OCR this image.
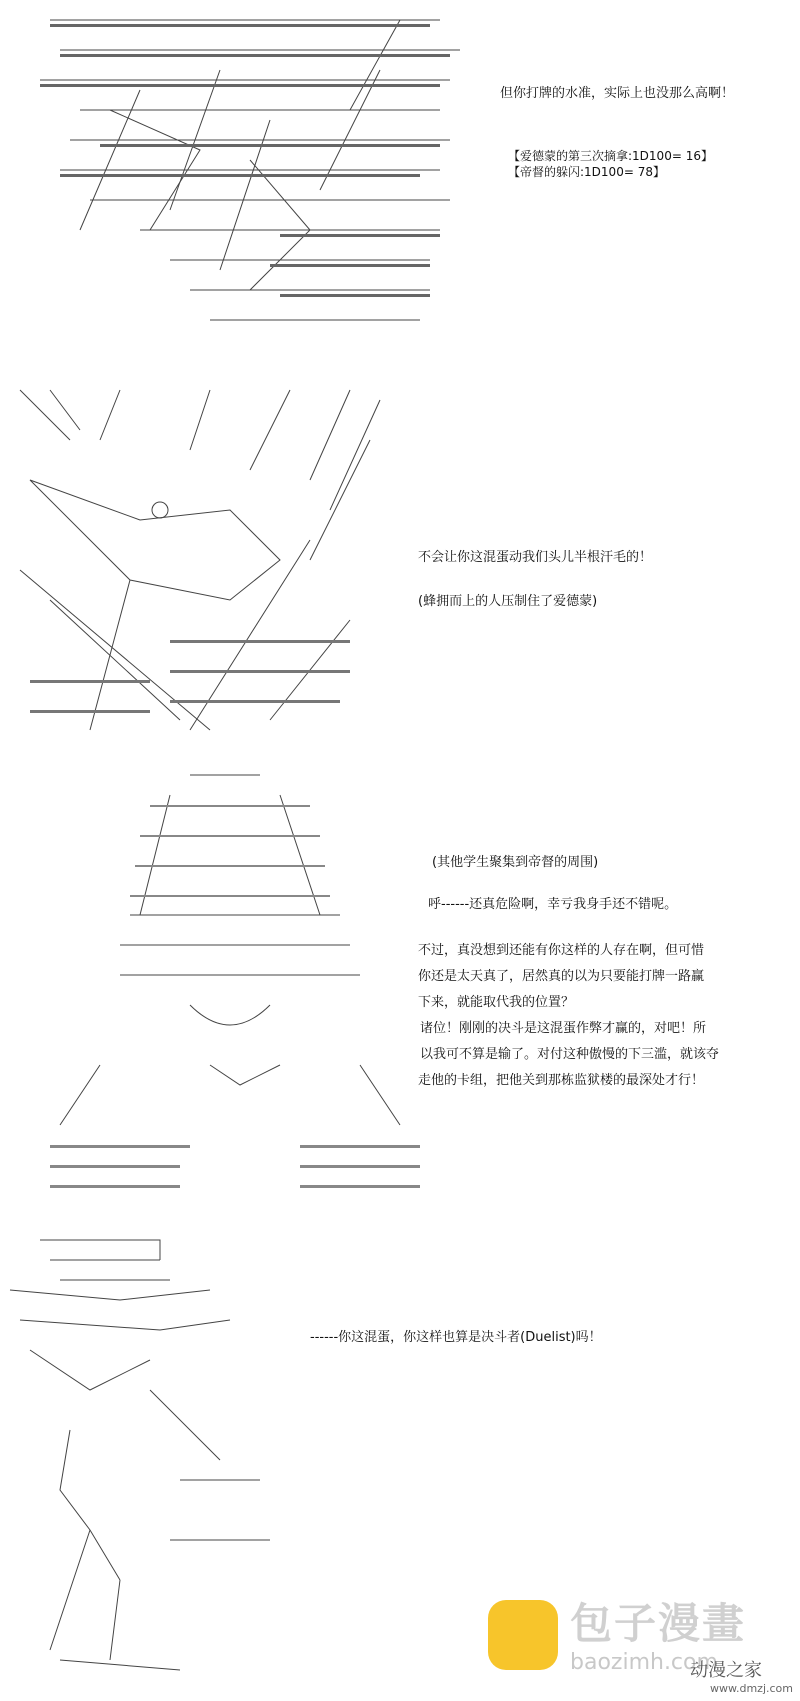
但你打牌的水准，实际上也没那么高啊！
【爱德蒙的第三次摘拿:1D100= 16】
【帝督的躲闪:1D100= 78】
不会让你这混蛋动我们头儿半根汗毛的！
(蜂拥而上的人压制住了爱德蒙)
(其他学生聚集到帝督的周围)
呼------还真危险啊，幸亏我身手还不错呢。
不过，真没想到还能有你这样的人存在啊，但可惜
你还是太天真了，居然真的以为只要能打牌一路赢
下来，就能取代我的位置？
诸位！刚刚的决斗是这混蛋作弊才赢的，对吧！所
以我可不算是输了。对付这种傲慢的下三滥，就该夺
走他的卡组，把他关到那栋监狱楼的最深处才行！
------你这混蛋，你这样也算是决斗者(Duelist)吗！
包子漫畫
baozimh.com
动漫之家
www.dmzj.com
